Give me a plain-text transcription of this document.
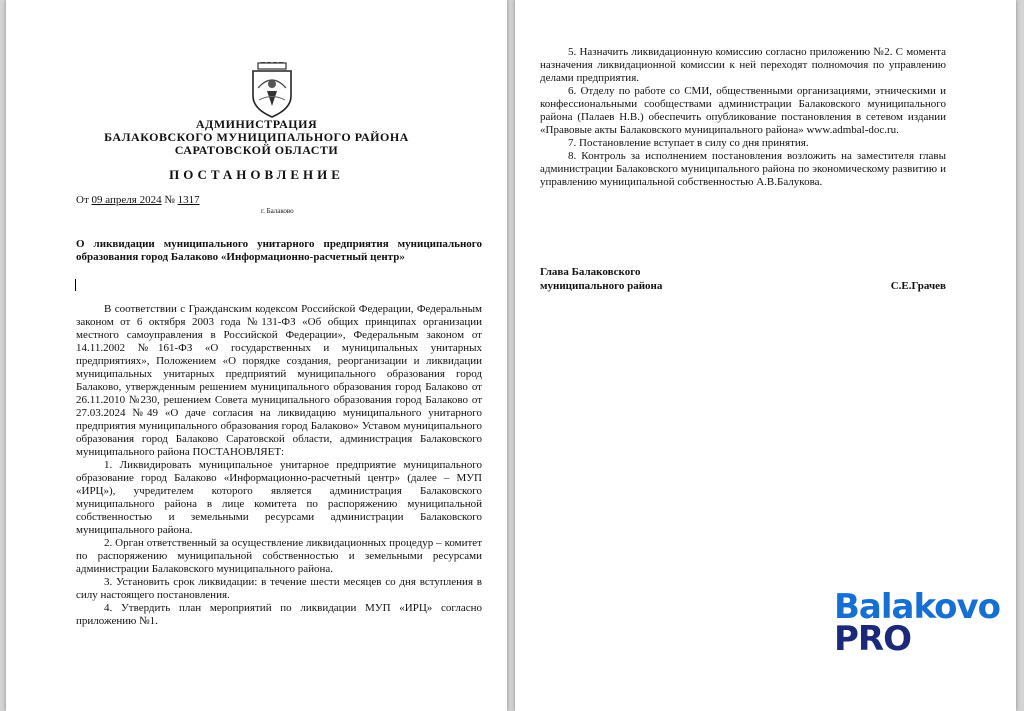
АДМИНИСТРАЦИЯ
БАЛАКОВСКОГО МУНИЦИПАЛЬНОГО РАЙОНА
САРАТОВСКОЙ ОБЛАСТИ
ПОСТАНОВЛЕНИЕ
От 09 апреля 2024 № 1317
г. Балаково
О ликвидации муниципального унитарного предприятия муниципального образования город Балаково «Информационно-расчетный центр»

В соответствии с Гражданским кодексом Российской Федерации, Федеральным законом от 6 октября 2003 года №131-ФЗ «Об общих принципах организации местного самоуправления в Российской Федерации», Федеральным законом от 14.11.2002 №161-ФЗ «О государственных и муниципальных унитарных предприятиях», Положением «О порядке создания, реорганизации и ликвидации муниципальных унитарных предприятий муниципального образования город Балаково, утвержденным решением муниципального образования город Балаково от 26.11.2010 №230, решением Совета муниципального образования город Балаково от 27.03.2024 №49 «О даче согласия на ликвидацию муниципального унитарного предприятия муниципального образования город Балаково» Уставом муниципального образования город Балаково Саратовской области, администрация Балаковского муниципального района ПОСТАНОВЛЯЕТ:

1. Ликвидировать муниципальное унитарное предприятие муниципального образование город Балаково «Информационно-расчетный центр» (далее – МУП «ИРЦ»), учредителем которого является администрация Балаковского муниципального района в лице комитета по распоряжению муниципальной собственностью и земельными ресурсами администрации Балаковского муниципального района.

2. Орган ответственный за осуществление ликвидационных процедур – комитет по распоряжению муниципальной собственностью и земельными ресурсами администрации Балаковского муниципального района.

3. Установить срок ликвидации: в течение шести месяцев со дня вступления в силу настоящего постановления.

4. Утвердить план мероприятий по ликвидации МУП «ИРЦ» согласно приложению №1.

5. Назначить ликвидационную комиссию согласно приложению №2. С момента назначения ликвидационной комиссии к ней переходят полномочия по управлению делами предприятия.

6. Отделу по работе со СМИ, общественными организациями, этническими и конфессиональными сообществами администрации Балаковского муниципального района (Палаев Н.В.) обеспечить опубликование постановления в сетевом издании «Правовые акты Балаковского муниципального района» www.admbal-doc.ru.

7. Постановление вступает в силу со дня принятия.

8. Контроль за исполнением постановления возложить на заместителя главы администрации Балаковского муниципального района по экономическому развитию и управлению муниципальной собственностью А.В.Балукова.

Глава Балаковского
муниципального района	С.Е.Грачев
Balakovo
PRO
